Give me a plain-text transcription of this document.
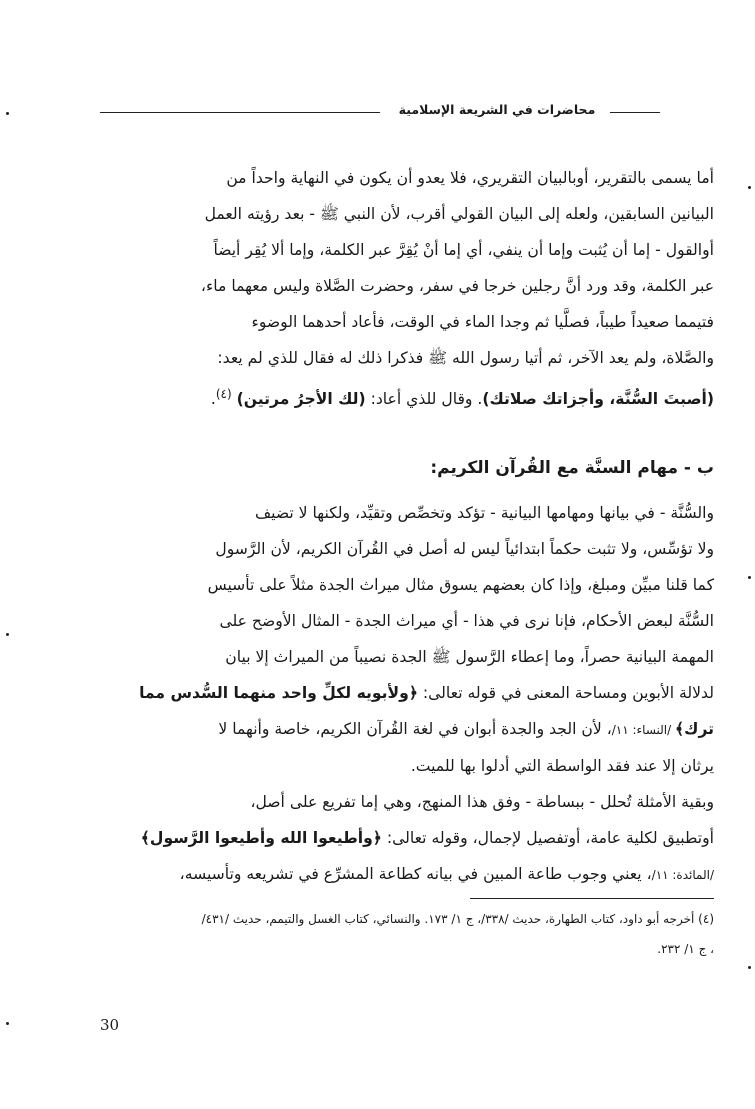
محاضرات في الشريعة الإسلامية

أما يسمى بالتقرير، أوبالبيان التقريري، فلا يعدو أن يكون في النهاية واحداً من

البيانين السابقين، ولعله إلى البيان القولي أقرب، لأن النبي ﷺ - بعد رؤيته العمل

أوالقول - إما أن يُثبت وإما أن ينفي، أي إما أنْ يُقِرَّ عبر الكلمة، وإما ألا يُقِر أيضاً

عبر الكلمة، وقد ورد أنَّ رجلين خرجا في سفر، وحضرت الصَّلاة وليس معهما ماء،

فتيمما صعيداً طيباً، فصلَّيا ثم وجدا الماء في الوقت، فأعاد أحدهما الوضوء

والصَّلاة، ولم يعد الآخر، ثم أتيا رسول الله ﷺ فذكرا ذلك له فقال للذي لم يعد:

(أصبتَ السُّنَّة، وأجزاتك صلاتك). وقال للذي أعاد: (لك الأجرُ مرتين) $^{(٤)}$.

ب - مهام السنَّة مع القُرآن الكريم:

والسُّنَّة - في بيانها ومهامها البيانية - تؤكد وتخصِّص وتقيِّد، ولكنها لا تضيف

ولا تؤسِّس، ولا تثبت حكماً ابتدائياً ليس له أصل في القُرآن الكريم، لأن الرَّسول

كما قلنا مبيِّن ومبلغ، وإذا كان بعضهم يسوق مثال ميراث الجدة مثلاً على تأسيس

السُّنَّة لبعض الأحكام، فإنا نرى في هذا - أي ميراث الجدة - المثال الأوضح على

المهمة البيانية حصراً، وما إعطاء الرَّسول ﷺ الجدة نصيباً من الميراث إلا بيان

لدلالة الأبوين ومساحة المعنى في قوله تعالى: ﴿ولأبويه لكلِّ واحد منهما السُّدس مما

ترك﴾ /النساء: ١١/، لأن الجد والجدة أبوان في لغة القُرآن الكريم، خاصة وأنهما لا

يرثان إلا عند فقد الواسطة التي أدلوا بها للميت.

وبقية الأمثلة تُحلل - ببساطة - وفق هذا المنهج، وهي إما تفريع على أصل،

أوتطبيق لكلية عامة، أوتفصيل لإجمال، وقوله تعالى: ﴿وأطيعوا الله وأطيعوا الرَّسول﴾

/المائدة: ١١/، يعني وجوب طاعة المبين في بيانه كطاعة المشرِّع في تشريعه وتأسيسه،

(٤) أخرجه أبو داود، كتاب الطهارة، حديث /٣٣٨/، ج ١/ ١٧٣. والنسائي، كتاب الغسل والتيمم، حديث /٤٣١/
، ج ١/ ٢٣٢.
30
